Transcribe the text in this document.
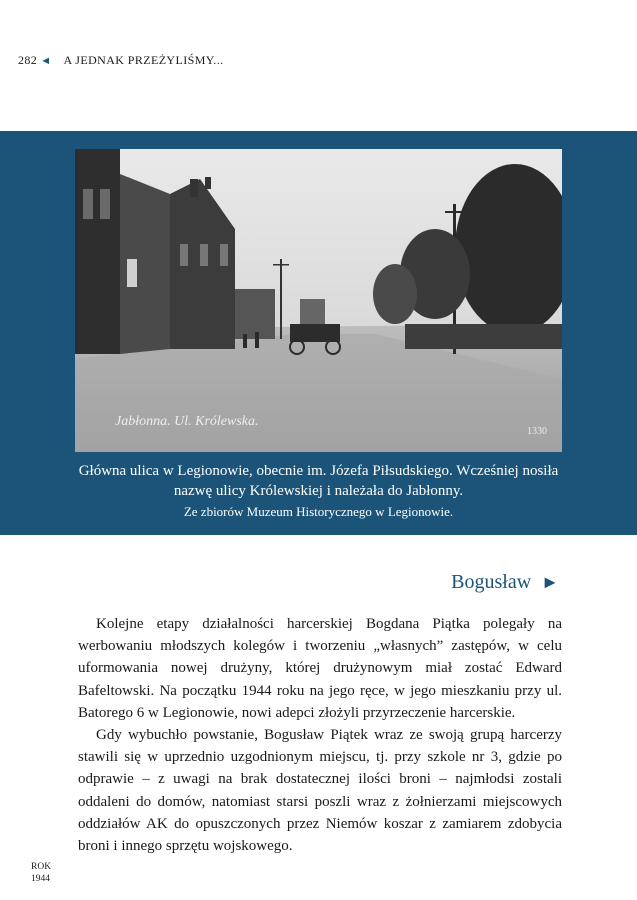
282 ◄ A JEDNAK PRZEŻYLIŚMY...
Jabłonna. Ul. Królewska.
1330
Główna ulica w Legionowie, obecnie im. Józefa Piłsudskiego. Wcześniej nosiła
nazwę ulicy Królewskiej i należała do Jabłonny.
Ze zbiorów Muzeum Historycznego w Legionowie.
Bogusław ►

Kolejne etapy działalności harcerskiej Bogdana Piątka polegały na werbowaniu młodszych kolegów i tworzeniu „własnych” zastępów, w celu uformowania nowej drużyny, której drużynowym miał zostać Edward Bafeltowski. Na początku 1944 roku na jego ręce, w jego mieszkaniu przy ul. Batorego 6 w Legionowie, nowi adepci złożyli przyrzeczenie harcerskie.

Gdy wybuchło powstanie, Bogusław Piątek wraz ze swoją grupą harcerzy stawili się w uprzednio uzgodnionym miejscu, tj. przy szkole nr 3, gdzie po odprawie – z uwagi na brak dostatecznej ilości broni – najmłodsi zostali oddaleni do domów, natomiast starsi poszli wraz z żołnierzami miejscowych oddziałów AK do opuszczonych przez Niemów koszar z zamiarem zdobycia broni i innego sprzętu wojskowego.

ROK
1944
